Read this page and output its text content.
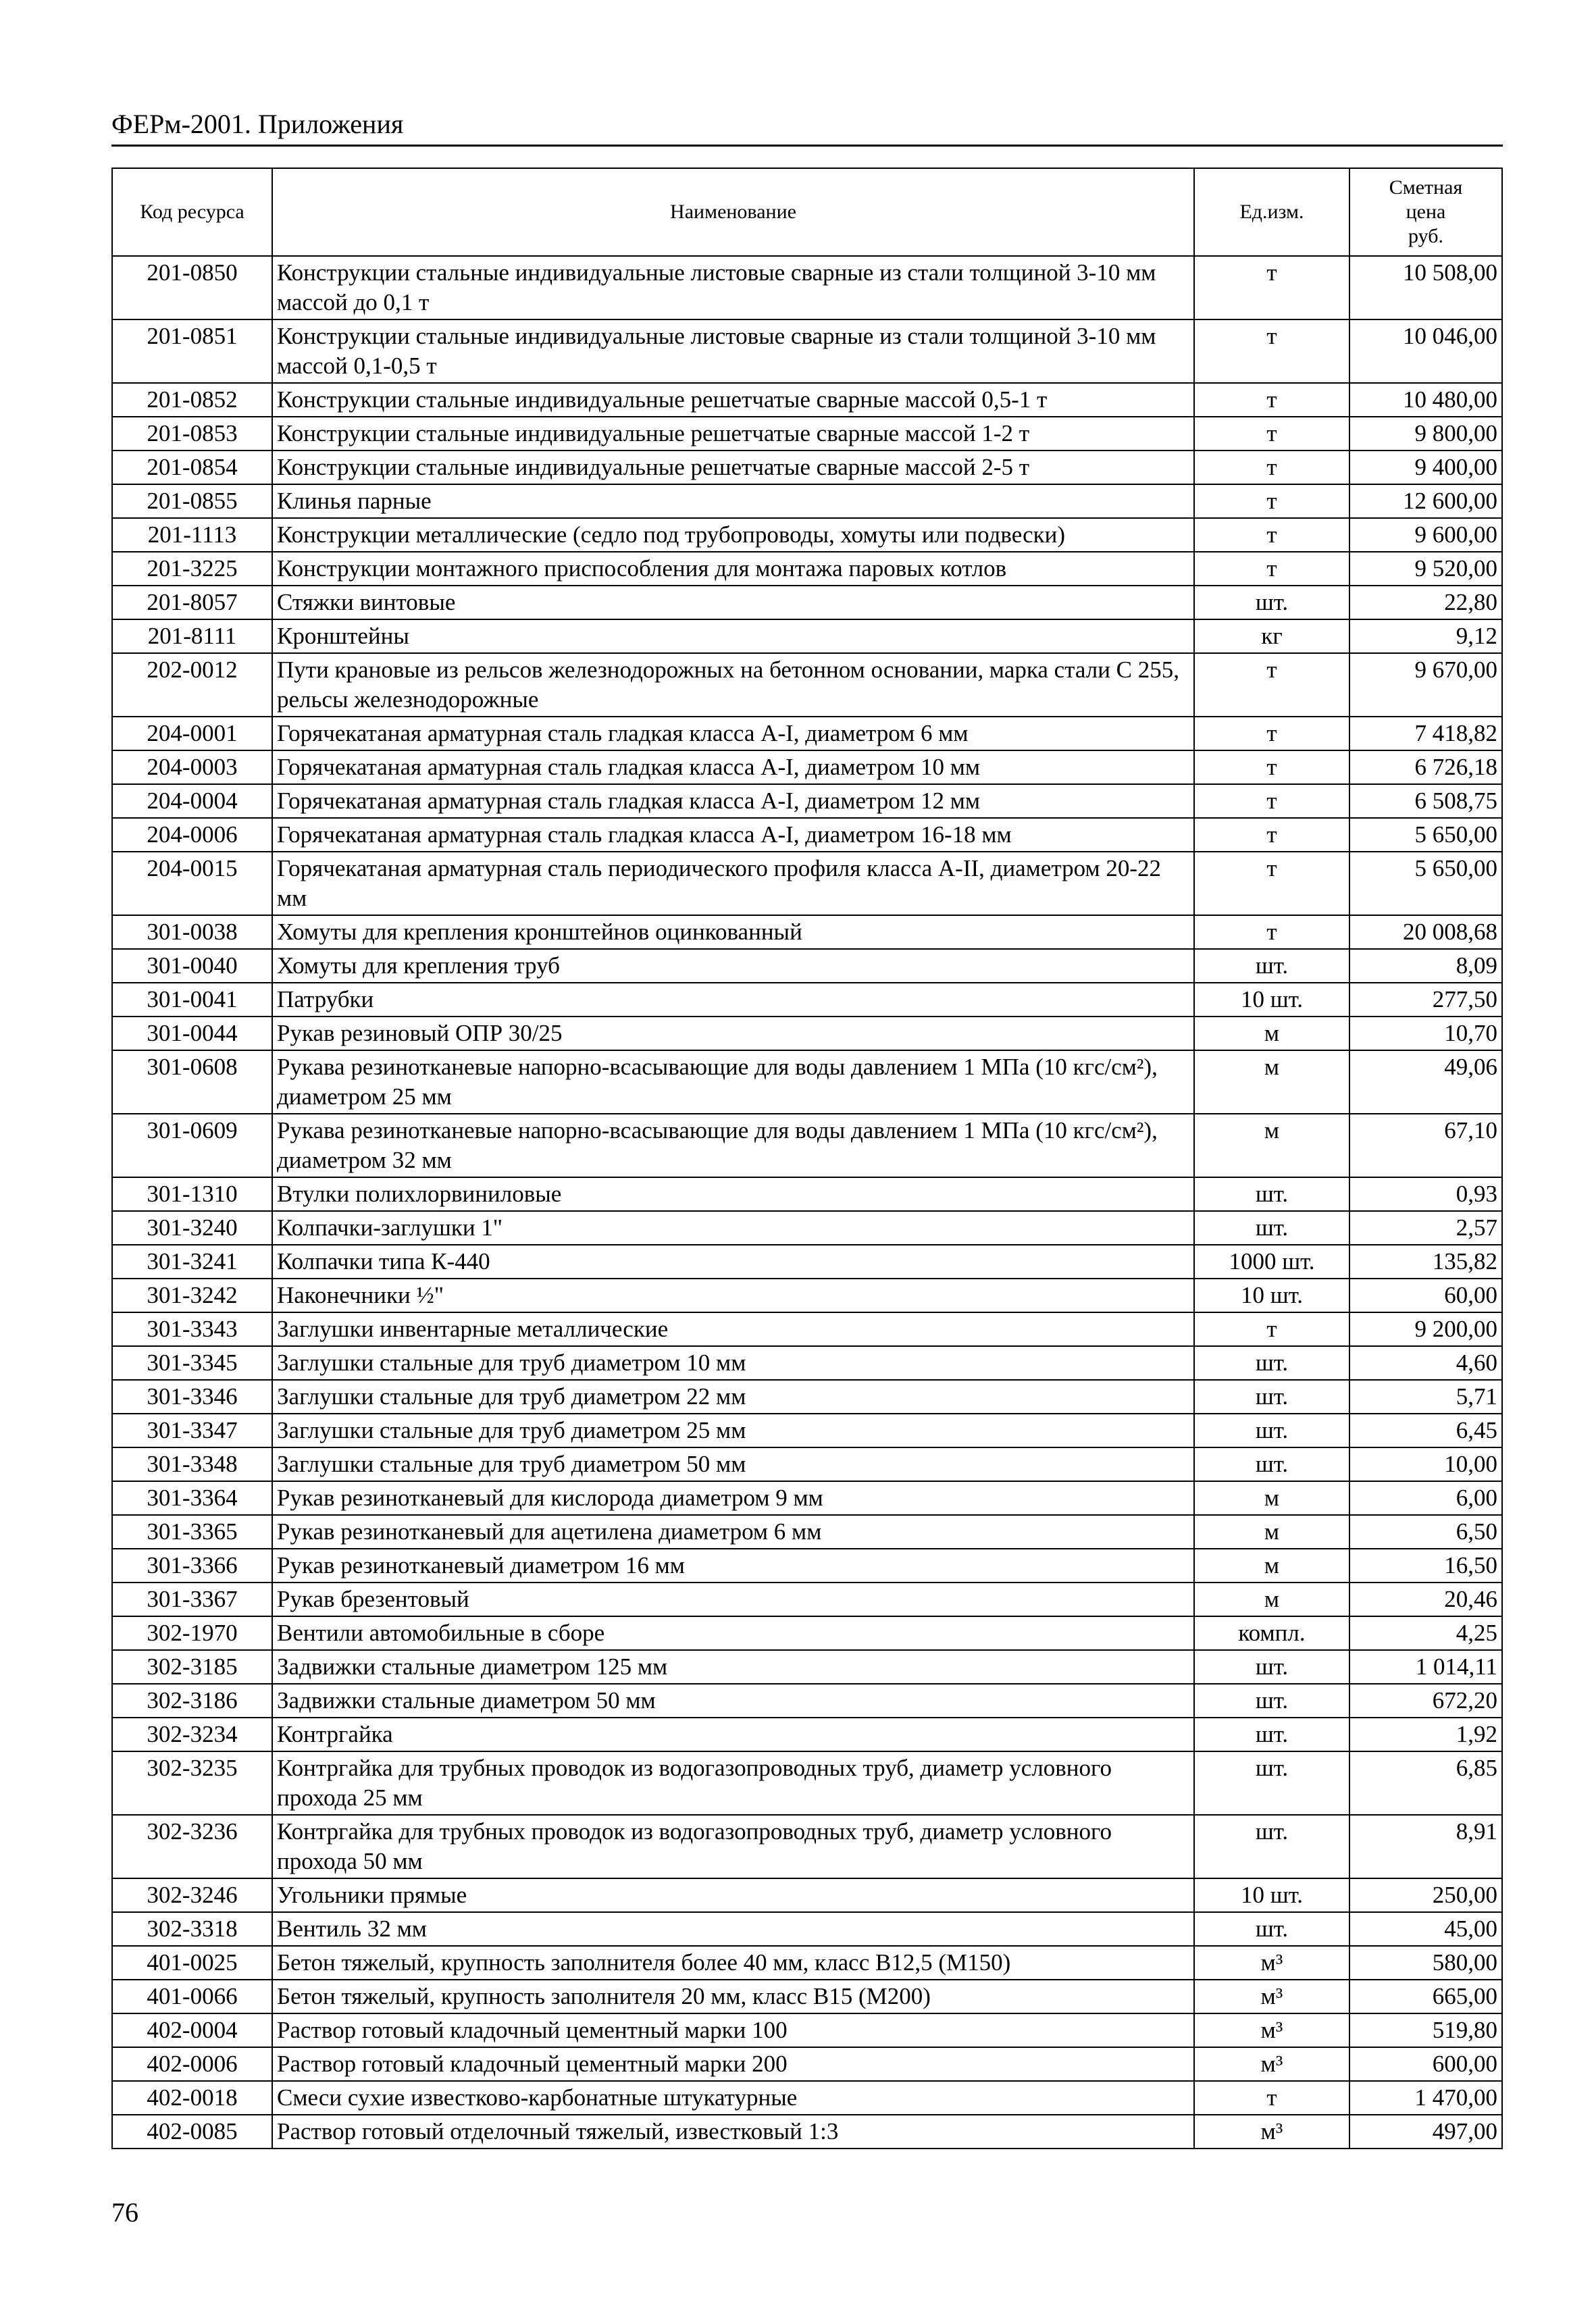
ФЕРм-2001. Приложения
Код ресурса	Наименование	Ед.изм.	Сметная
цена
руб.

201-0850	Конструкции стальные индивидуальные листовые сварные из стали толщиной 3-10 мм массой до 0,1 т	т	10 508,00
201-0851	Конструкции стальные индивидуальные листовые сварные из стали толщиной 3-10 мм массой 0,1-0,5 т	т	10 046,00
201-0852	Конструкции стальные индивидуальные решетчатые сварные массой 0,5-1 т	т	10 480,00
201-0853	Конструкции стальные индивидуальные решетчатые сварные массой 1-2 т	т	9 800,00
201-0854	Конструкции стальные индивидуальные решетчатые сварные массой 2-5 т	т	9 400,00
201-0855	Клинья парные	т	12 600,00
201-1113	Конструкции металлические (седло под трубопроводы, хомуты или подвески)	т	9 600,00
201-3225	Конструкции монтажного приспособления для монтажа паровых котлов	т	9 520,00
201-8057	Стяжки винтовые	шт.	22,80
201-8111	Кронштейны	кг	9,12
202-0012	Пути крановые из рельсов железнодорожных на бетонном основании, марка стали С 255, рельсы железнодорожные	т	9 670,00
204-0001	Горячекатаная арматурная сталь гладкая класса A-I, диаметром 6 мм	т	7 418,82
204-0003	Горячекатаная арматурная сталь гладкая класса A-I, диаметром 10 мм	т	6 726,18
204-0004	Горячекатаная арматурная сталь гладкая класса A-I, диаметром 12 мм	т	6 508,75
204-0006	Горячекатаная арматурная сталь гладкая класса A-I, диаметром 16-18 мм	т	5 650,00
204-0015	Горячекатаная арматурная сталь периодического профиля класса А-II, диаметром 20-22 мм	т	5 650,00
301-0038	Хомуты для крепления кронштейнов оцинкованный	т	20 008,68
301-0040	Хомуты для крепления труб	шт.	8,09
301-0041	Патрубки	10 шт.	277,50
301-0044	Рукав резиновый ОПР 30/25	м	10,70
301-0608	Рукава резинотканевые напорно-всасывающие для воды давлением 1 МПа (10 кгс/см²), диаметром 25 мм	м	49,06
301-0609	Рукава резинотканевые напорно-всасывающие для воды давлением 1 МПа (10 кгс/см²), диаметром 32 мм	м	67,10
301-1310	Втулки полихлорвиниловые	шт.	0,93
301-3240	Колпачки-заглушки 1"	шт.	2,57
301-3241	Колпачки типа К-440	1000 шт.	135,82
301-3242	Наконечники ½"	10 шт.	60,00
301-3343	Заглушки инвентарные металлические	т	9 200,00
301-3345	Заглушки стальные для труб диаметром 10 мм	шт.	4,60
301-3346	Заглушки стальные для труб диаметром 22 мм	шт.	5,71
301-3347	Заглушки стальные для труб диаметром 25 мм	шт.	6,45
301-3348	Заглушки стальные для труб диаметром 50 мм	шт.	10,00
301-3364	Рукав резинотканевый для кислорода диаметром 9 мм	м	6,00
301-3365	Рукав резинотканевый для ацетилена диаметром 6 мм	м	6,50
301-3366	Рукав резинотканевый диаметром 16 мм	м	16,50
301-3367	Рукав брезентовый	м	20,46
302-1970	Вентили автомобильные в сборе	компл.	4,25
302-3185	Задвижки стальные диаметром 125 мм	шт.	1 014,11
302-3186	Задвижки стальные диаметром 50 мм	шт.	672,20
302-3234	Контргайка	шт.	1,92
302-3235	Контргайка для трубных проводок из водогазопроводных труб, диаметр условного прохода 25 мм	шт.	6,85
302-3236	Контргайка для трубных проводок из водогазопроводных труб, диаметр условного прохода 50 мм	шт.	8,91
302-3246	Угольники прямые	10 шт.	250,00
302-3318	Вентиль 32 мм	шт.	45,00
401-0025	Бетон тяжелый, крупность заполнителя более 40 мм, класс В12,5 (М150)	м³	580,00
401-0066	Бетон тяжелый, крупность заполнителя 20 мм, класс В15 (М200)	м³	665,00
402-0004	Раствор готовый кладочный цементный марки 100	м³	519,80
402-0006	Раствор готовый кладочный цементный марки 200	м³	600,00
402-0018	Смеси сухие известково-карбонатные штукатурные	т	1 470,00
402-0085	Раствор готовый отделочный тяжелый, известковый 1:3	м³	497,00
76
